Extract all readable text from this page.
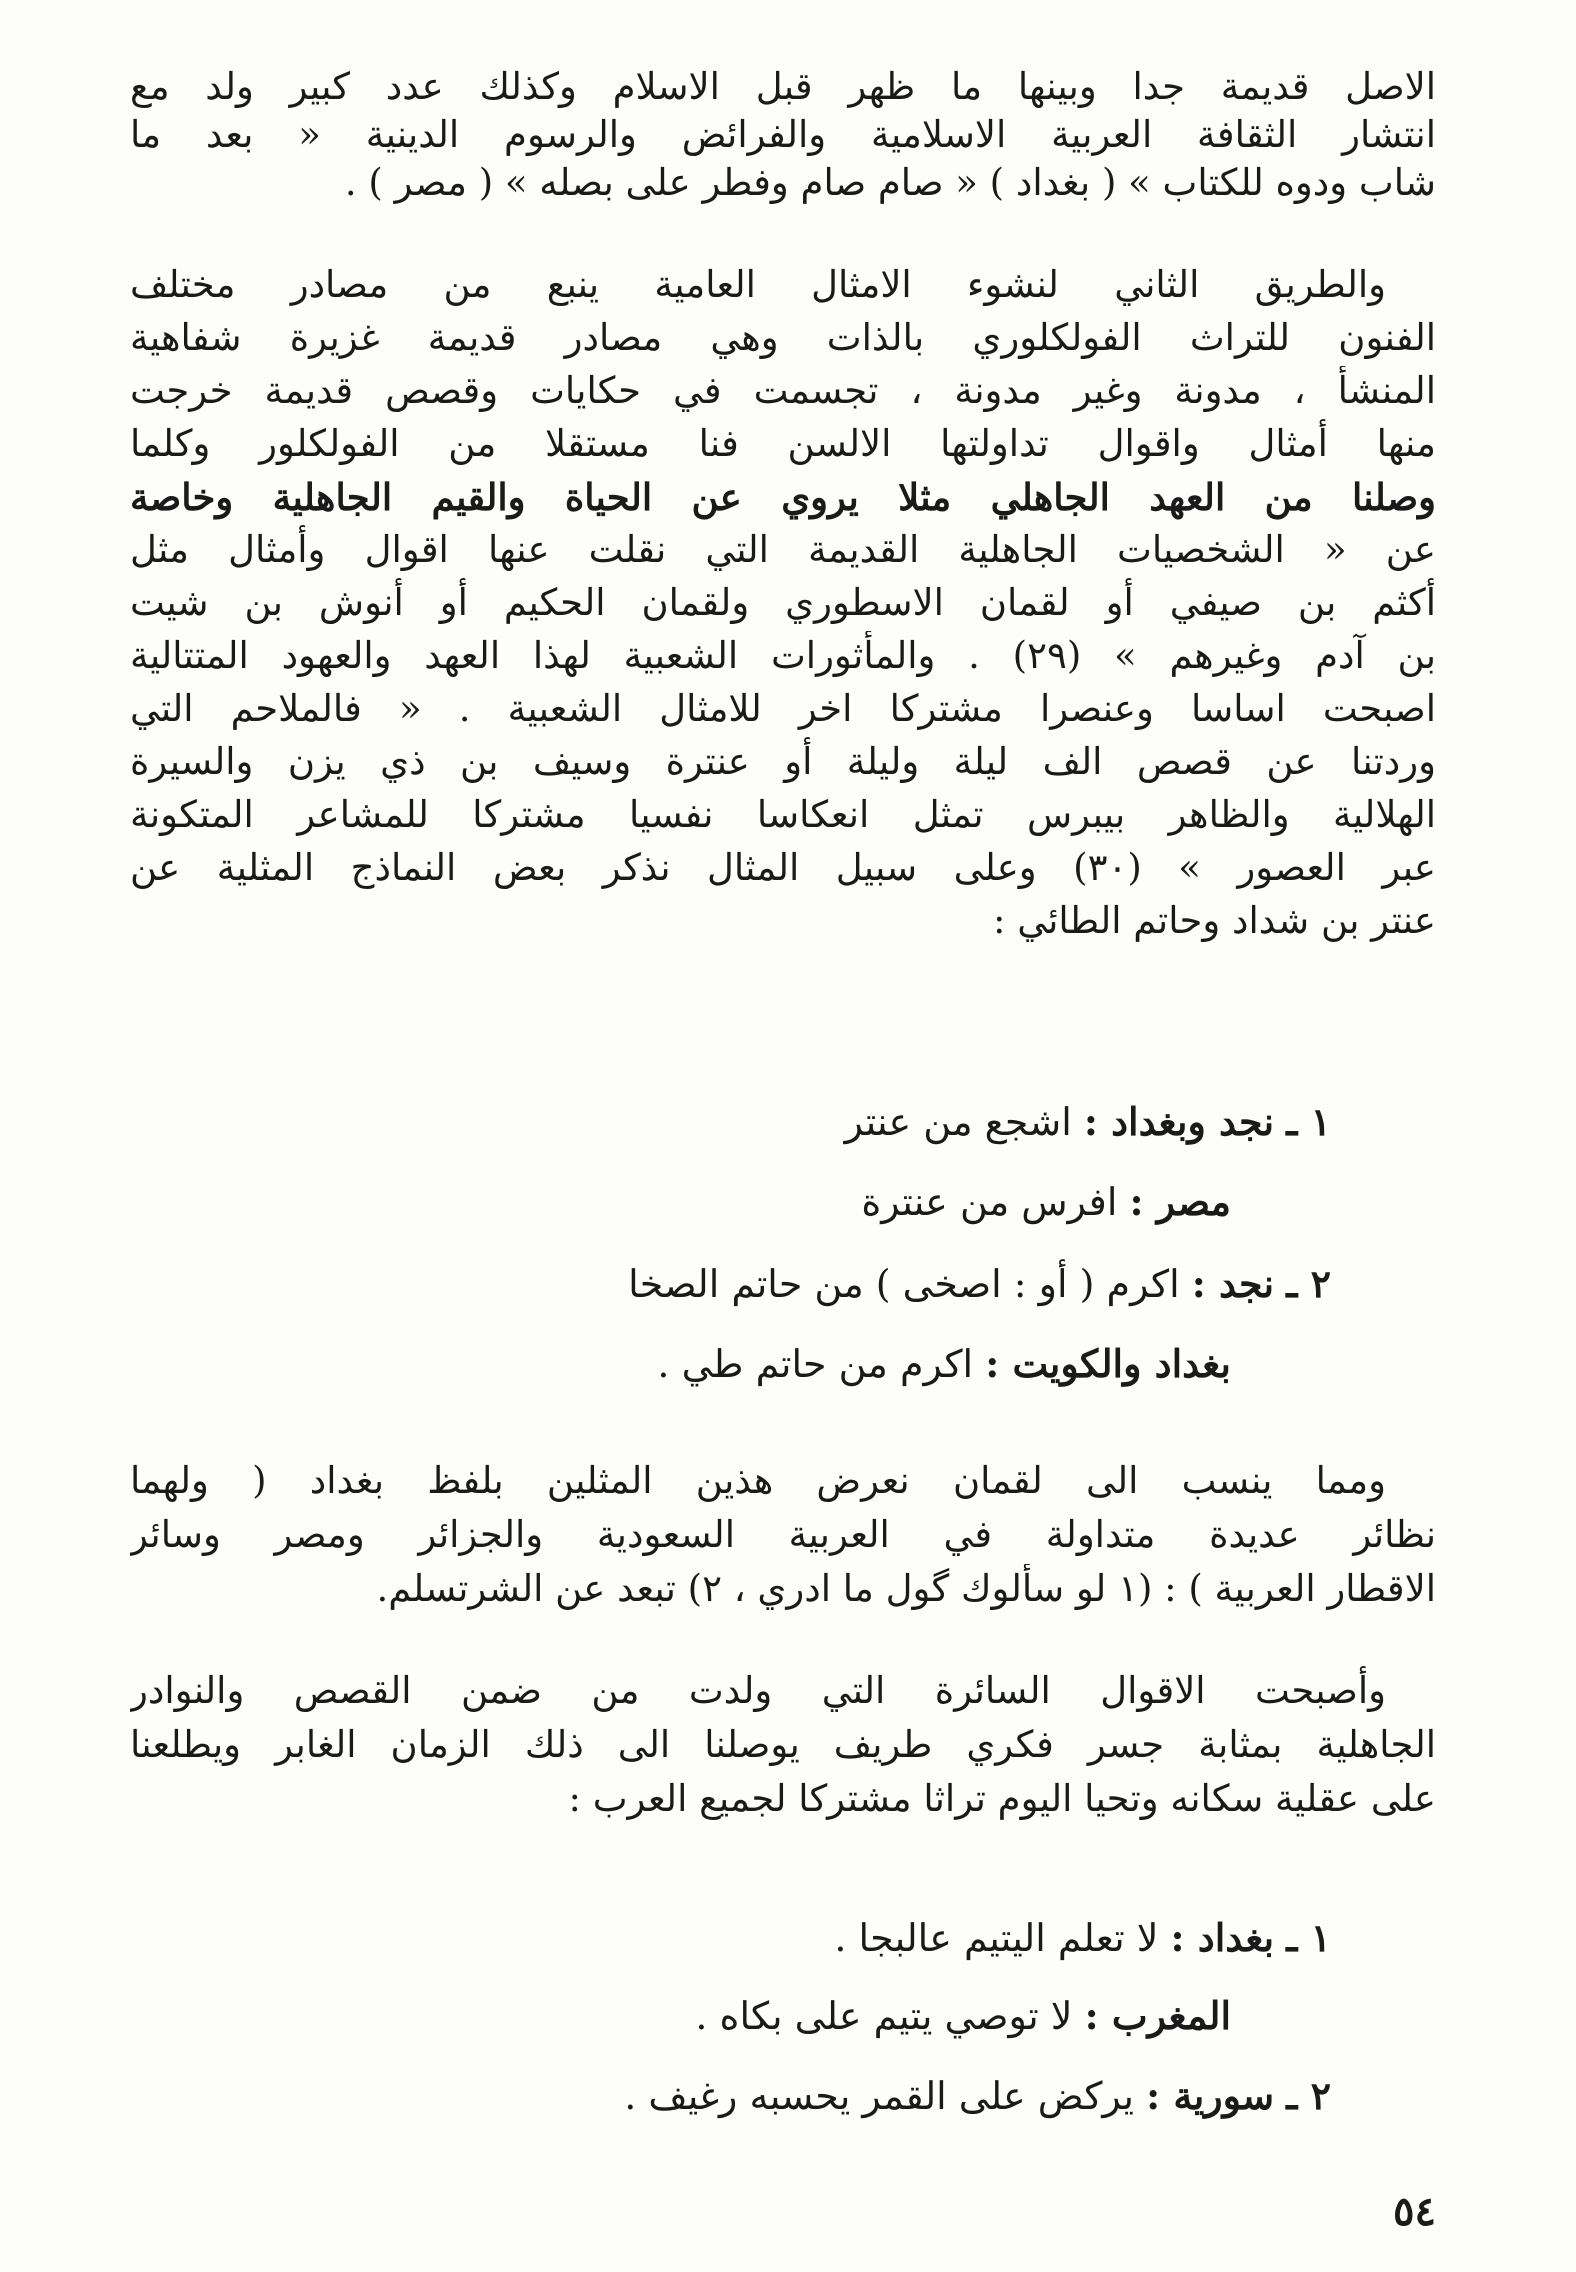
الاصل قديمة جدا وبينها ما ظهر قبل الاسلام وكذلك عدد كبير ولد مع
انتشار الثقافة العربية الاسلامية والفرائض والرسوم الدينية « بعد ما
شاب ودوه للكتاب » ( بغداد ) « صام صام وفطر على بصله » ( مصر ) .
والطريق الثاني لنشوء الامثال العامية ينبع من مصادر مختلف
الفنون للتراث الفولكلوري بالذات وهي مصادر قديمة غزيرة شفاهية
المنشأ ، مدونة وغير مدونة ، تجسمت في حكايات وقصص قديمة خرجت
منها أمثال واقوال تداولتها الالسن فنا مستقلا من الفولكلور وكلما
وصلنا من العهد الجاهلي مثلا يروي عن الحياة والقيم الجاهلية وخاصة
عن « الشخصيات الجاهلية القديمة التي نقلت عنها اقوال وأمثال مثل
أكثم بن صيفي أو لقمان الاسطوري ولقمان الحكيم أو أنوش بن شيت
بن آدم وغيرهم » (٢٩) . والمأثورات الشعبية لهذا العهد والعهود المتتالية
اصبحت اساسا وعنصرا مشتركا اخر للامثال الشعبية . « فالملاحم التي
وردتنا عن قصص الف ليلة وليلة أو عنترة وسيف بن ذي يزن والسيرة
الهلالية والظاهر بيبرس تمثل انعكاسا نفسيا مشتركا للمشاعر المتكونة
عبر العصور » (٣٠) وعلى سبيل المثال نذكر بعض النماذج المثلية عن
عنتر بن شداد وحاتم الطائي :
١ ـ نجد وبغداد : اشجع من عنتر
مصر : افرس من عنترة
٢ ـ نجد : اكرم ( أو : اصخى ) من حاتم الصخا
بغداد والكويت : اكرم من حاتم طي .
ومما ينسب الى لقمان نعرض هذين المثلين بلفظ بغداد ( ولهما
نظائر عديدة متداولة في العربية السعودية والجزائر ومصر وسائر
الاقطار العربية ) : (١ لو سألوك گول ما ادري ، ٢) تبعد عن الشرتسلم.
وأصبحت الاقوال السائرة التي ولدت من ضمن القصص والنوادر
الجاهلية بمثابة جسر فكري طريف يوصلنا الى ذلك الزمان الغابر ويطلعنا
على عقلية سكانه وتحيا اليوم تراثا مشتركا لجميع العرب :
١ ـ بغداد : لا تعلم اليتيم عالبجا .
المغرب : لا توصي يتيم على بكاه .
٢ ـ سورية : يركض على القمر يحسبه رغيف .
٥٤
